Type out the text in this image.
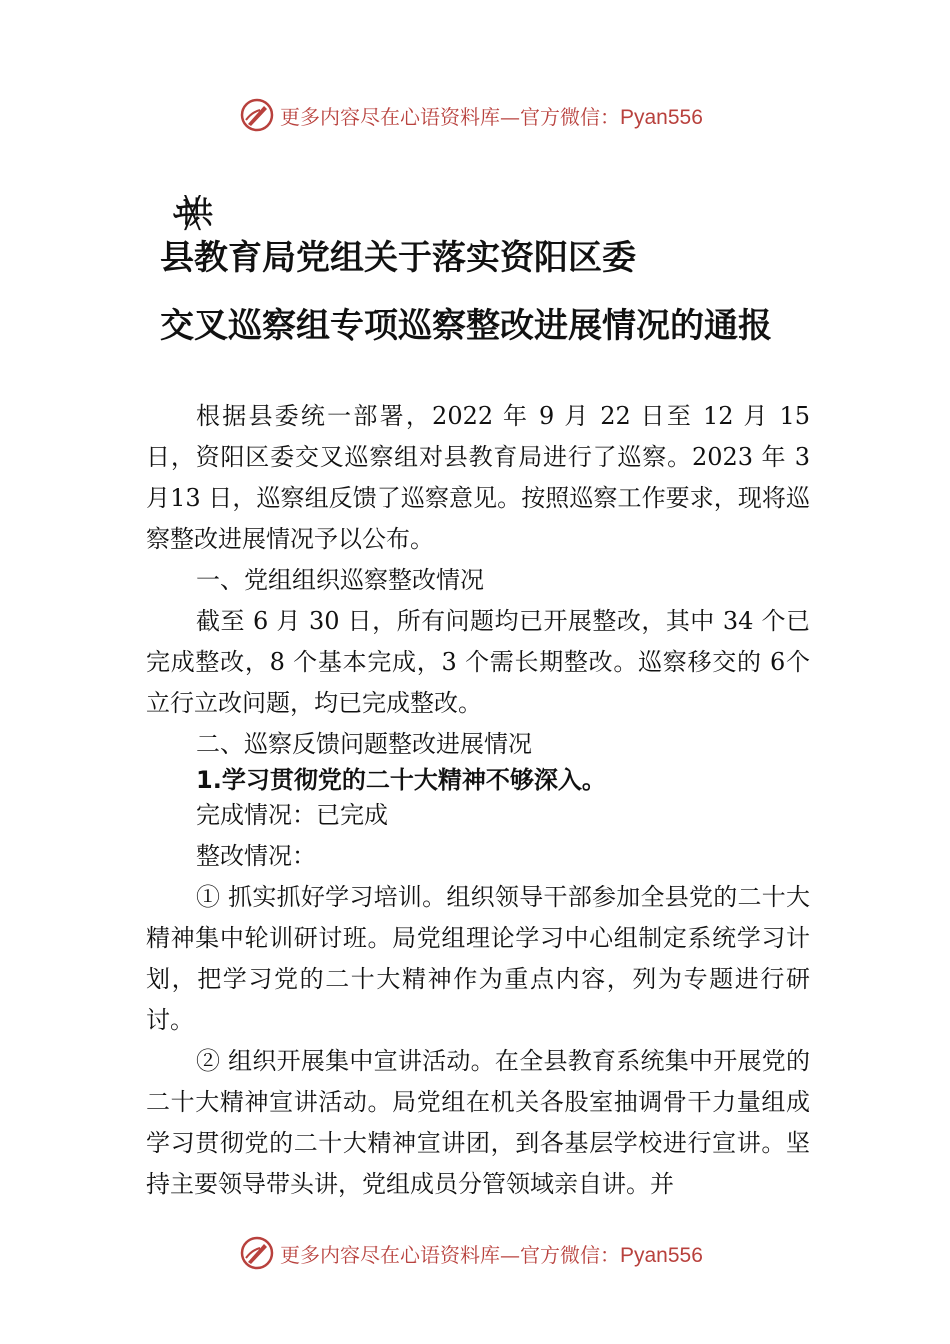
更多内容尽在心语资料库—官方微信：Pyan556
ヰ╳共
县教育局党组关于落实资阳区委
交叉巡察组专项巡察整改进展情况的通报

根据县委统一部署，2022 年 9 月 22 日至 12 月 15 日，资阳区委交叉巡察组对县教育局进行了巡察。2023 年 3 月13 日，巡察组反馈了巡察意见。按照巡察工作要求，现将巡察整改进展情况予以公布。

一、党组组织巡察整改情况

截至 6 月 30 日，所有问题均已开展整改，其中 34 个已完成整改，8 个基本完成，3 个需长期整改。巡察移交的 6个立行立改问题，均已完成整改。

二、巡察反馈问题整改进展情况

1.学习贯彻党的二十大精神不够深入。

完成情况：已完成

整改情况：

① 抓实抓好学习培训。组织领导干部参加全县党的二十大精神集中轮训研讨班。局党组理论学习中心组制定系统学习计划，把学习党的二十大精神作为重点内容，列为专题进行研讨。

② 组织开展集中宣讲活动。在全县教育系统集中开展党的二十大精神宣讲活动。局党组在机关各股室抽调骨干力量组成学习贯彻党的二十大精神宣讲团，到各基层学校进行宣讲。坚持主要领导带头讲，党组成员分管领域亲自讲。并

更多内容尽在心语资料库—官方微信：Pyan556
